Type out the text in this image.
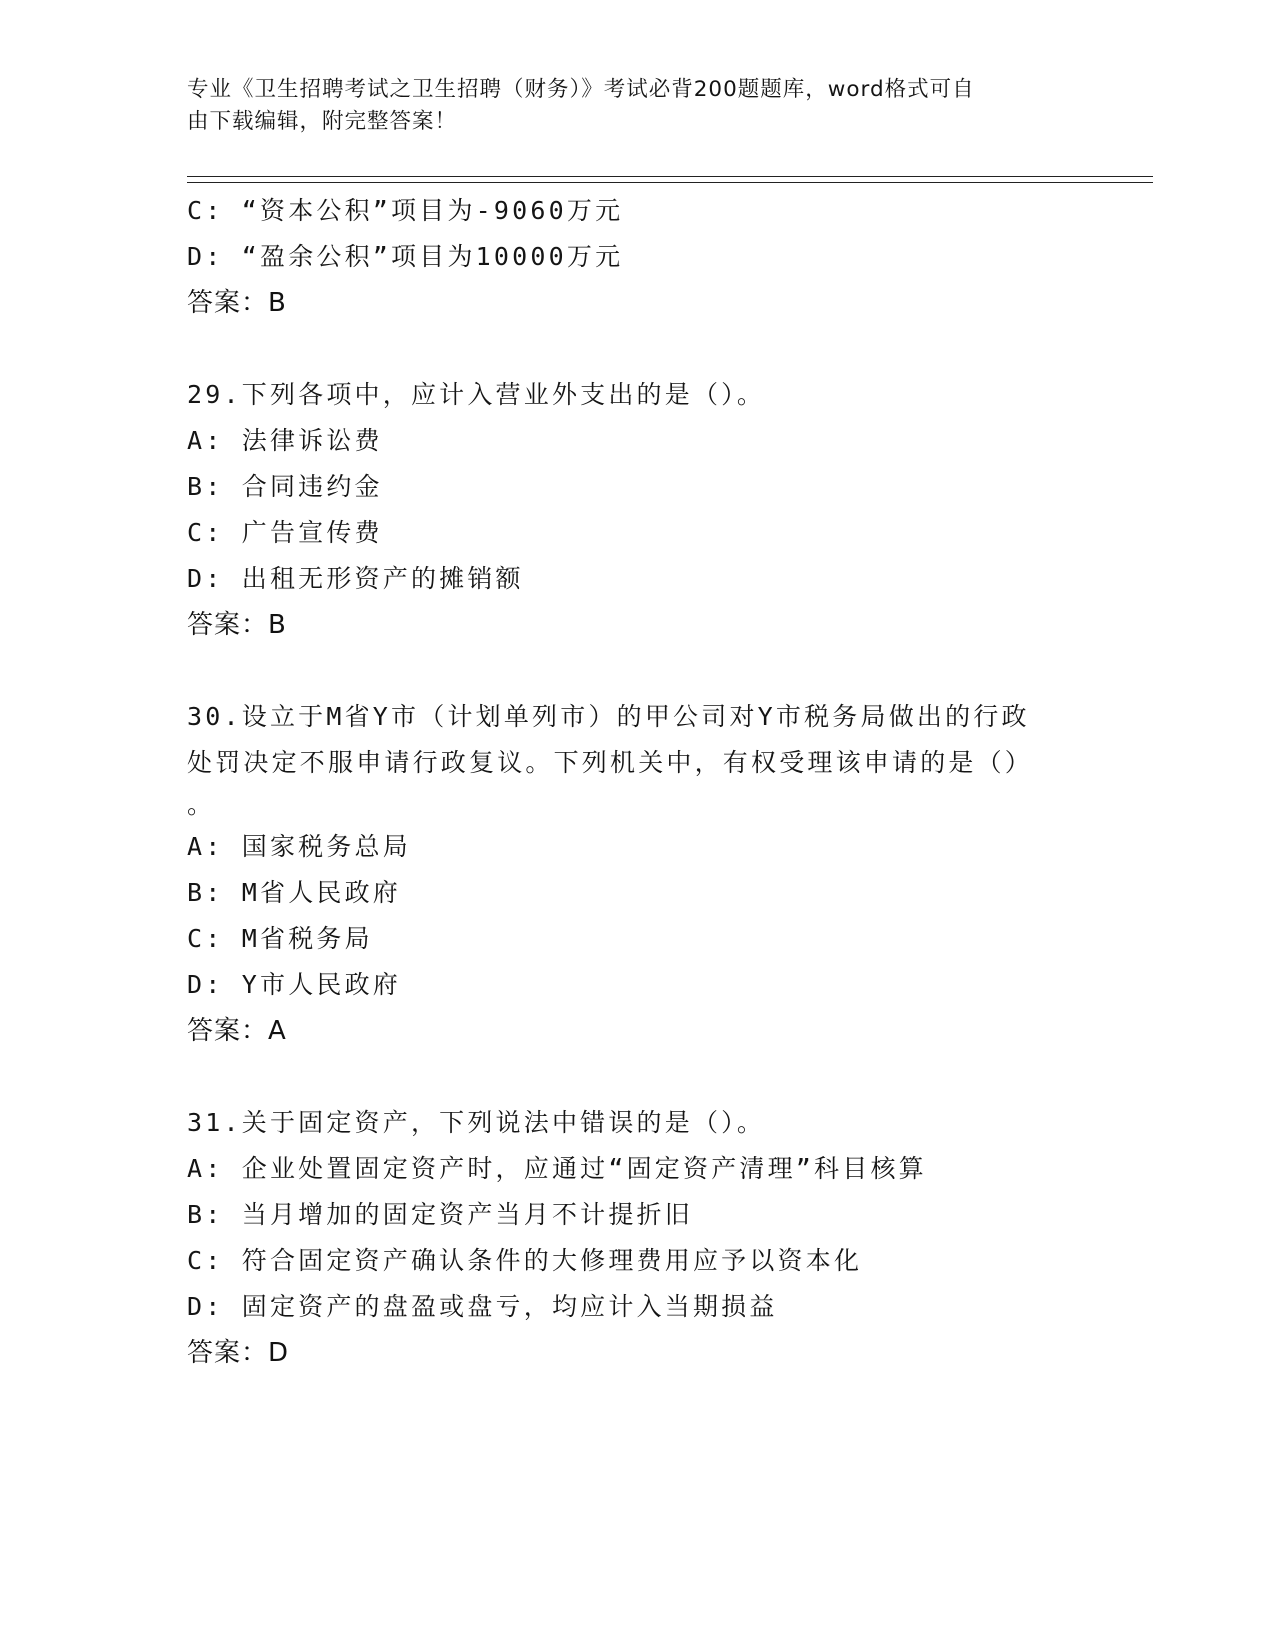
专业《卫生招聘考试之卫生招聘（财务）》考试必背200题题库，word格式可自
由下载编辑，附完整答案！
C: “资本公积”项目为-9060万元
D: “盈余公积”项目为10000万元
答案：B
29.下列各项中，应计入营业外支出的是（）。
A: 法律诉讼费
B: 合同违约金
C: 广告宣传费
D: 出租无形资产的摊销额
答案：B
30.设立于M省Y市（计划单列市）的甲公司对Y市税务局做出的行政
处罚决定不服申请行政复议。下列机关中，有权受理该申请的是（）
。
A: 国家税务总局
B: M省人民政府
C: M省税务局
D: Y市人民政府
答案：A
31.关于固定资产，下列说法中错误的是（）。
A: 企业处置固定资产时，应通过“固定资产清理”科目核算
B: 当月增加的固定资产当月不计提折旧
C: 符合固定资产确认条件的大修理费用应予以资本化
D: 固定资产的盘盈或盘亏，均应计入当期损益
答案：D
